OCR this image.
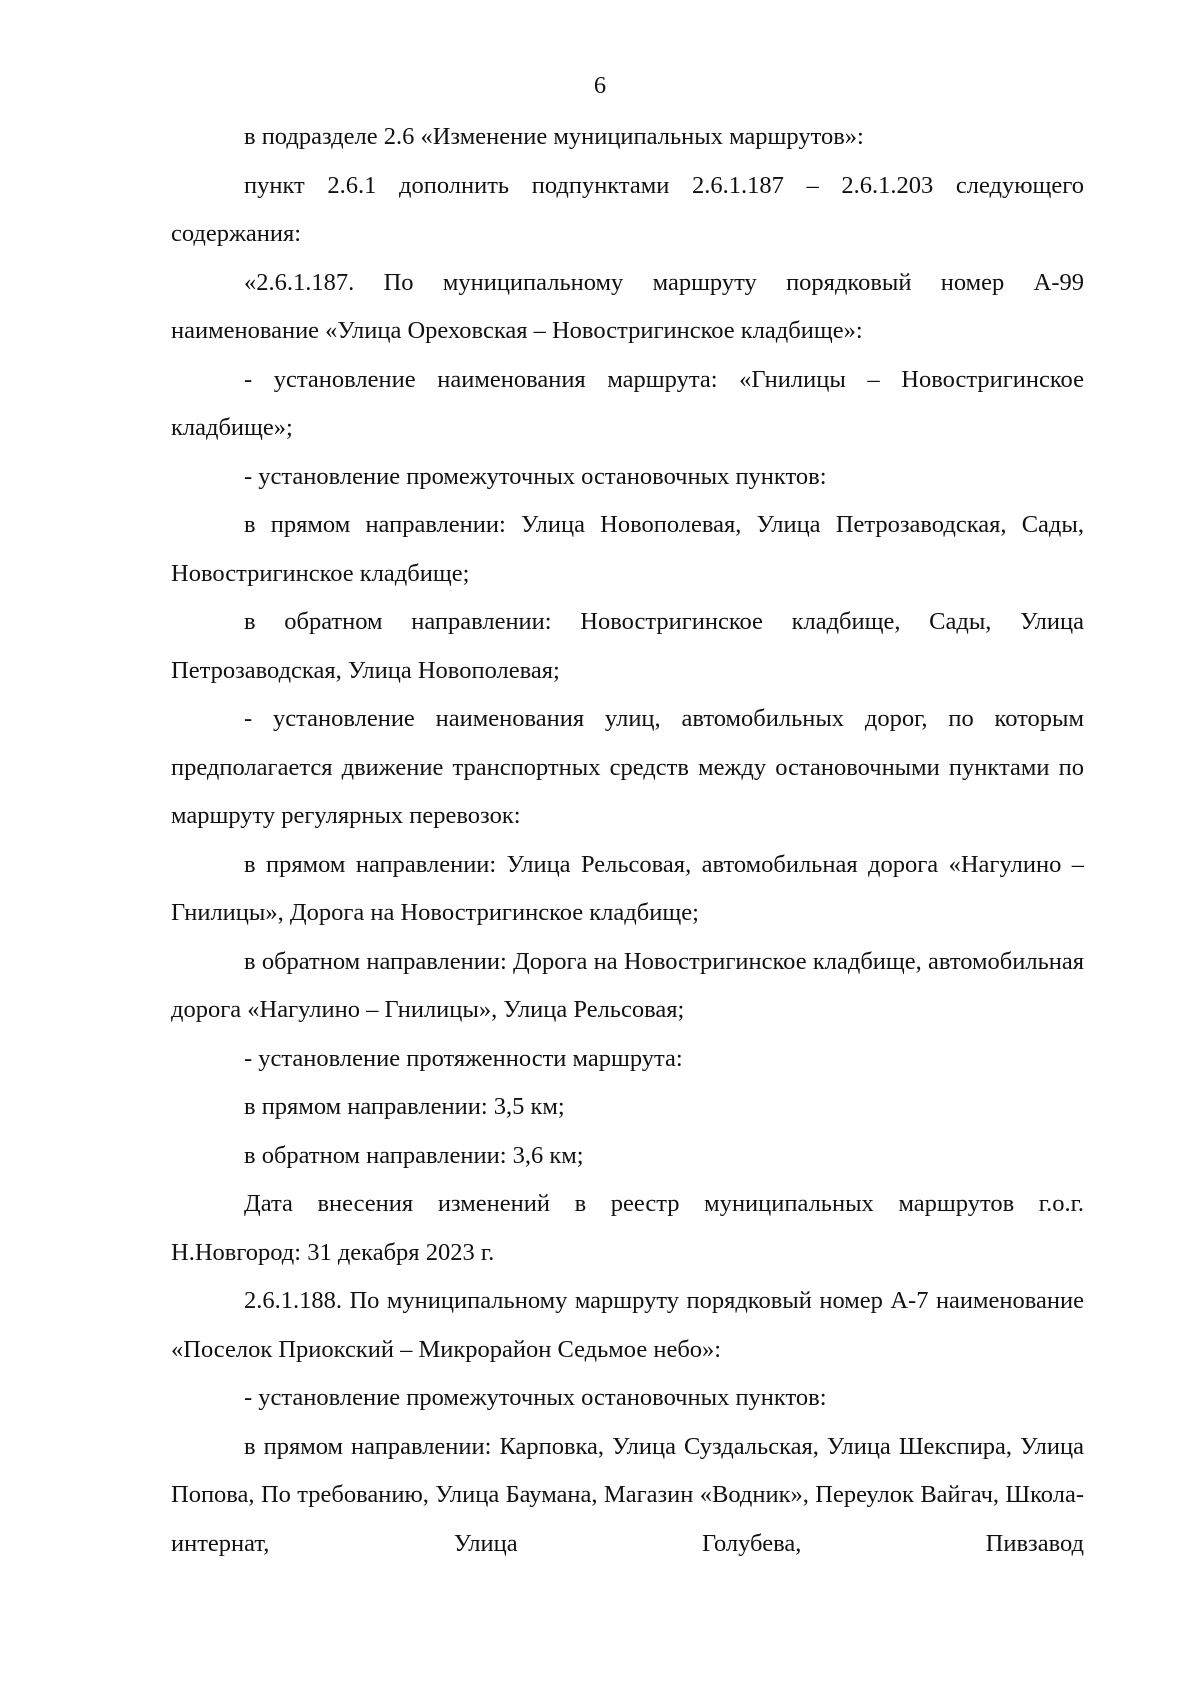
6

в подразделе 2.6 «Изменение муниципальных маршрутов»:

пункт 2.6.1 дополнить подпунктами 2.6.1.187 – 2.6.1.203 следующего содержания:

«2.6.1.187. По муниципальному маршруту порядковый номер А-99 наименование «Улица Ореховская – Новостригинское кладбище»:

- установление наименования маршрута: «Гнилицы – Новостригинское кладбище»;

- установление промежуточных остановочных пунктов:

в прямом направлении: Улица Новополевая, Улица Петрозаводская, Сады, Новостригинское кладбище;

в обратном направлении: Новостригинское кладбище, Сады, Улица Петрозаводская, Улица Новополевая;

- установление наименования улиц, автомобильных дорог, по которым предполагается движение транспортных средств между остановочными пунктами по маршруту регулярных перевозок:

в прямом направлении: Улица Рельсовая, автомобильная дорога «Нагулино – Гнилицы», Дорога на Новостригинское кладбище;

в обратном направлении: Дорога на Новостригинское кладбище, автомобильная дорога «Нагулино – Гнилицы», Улица Рельсовая;

- установление протяженности маршрута:

в прямом направлении: 3,5 км;

в обратном направлении: 3,6 км;

Дата внесения изменений в реестр муниципальных маршрутов г.о.г. Н.Новгород: 31 декабря 2023 г.

2.6.1.188. По муниципальному маршруту порядковый номер А-7 наименование «Поселок Приокский – Микрорайон Седьмое небо»:

- установление промежуточных остановочных пунктов:

в прямом направлении: Карповка, Улица Суздальская, Улица Шекспира, Улица Попова, По требованию, Улица Баумана, Магазин «Водник», Переулок Вайгач, Школа-интернат, Улица Голубева, Пивзавод
